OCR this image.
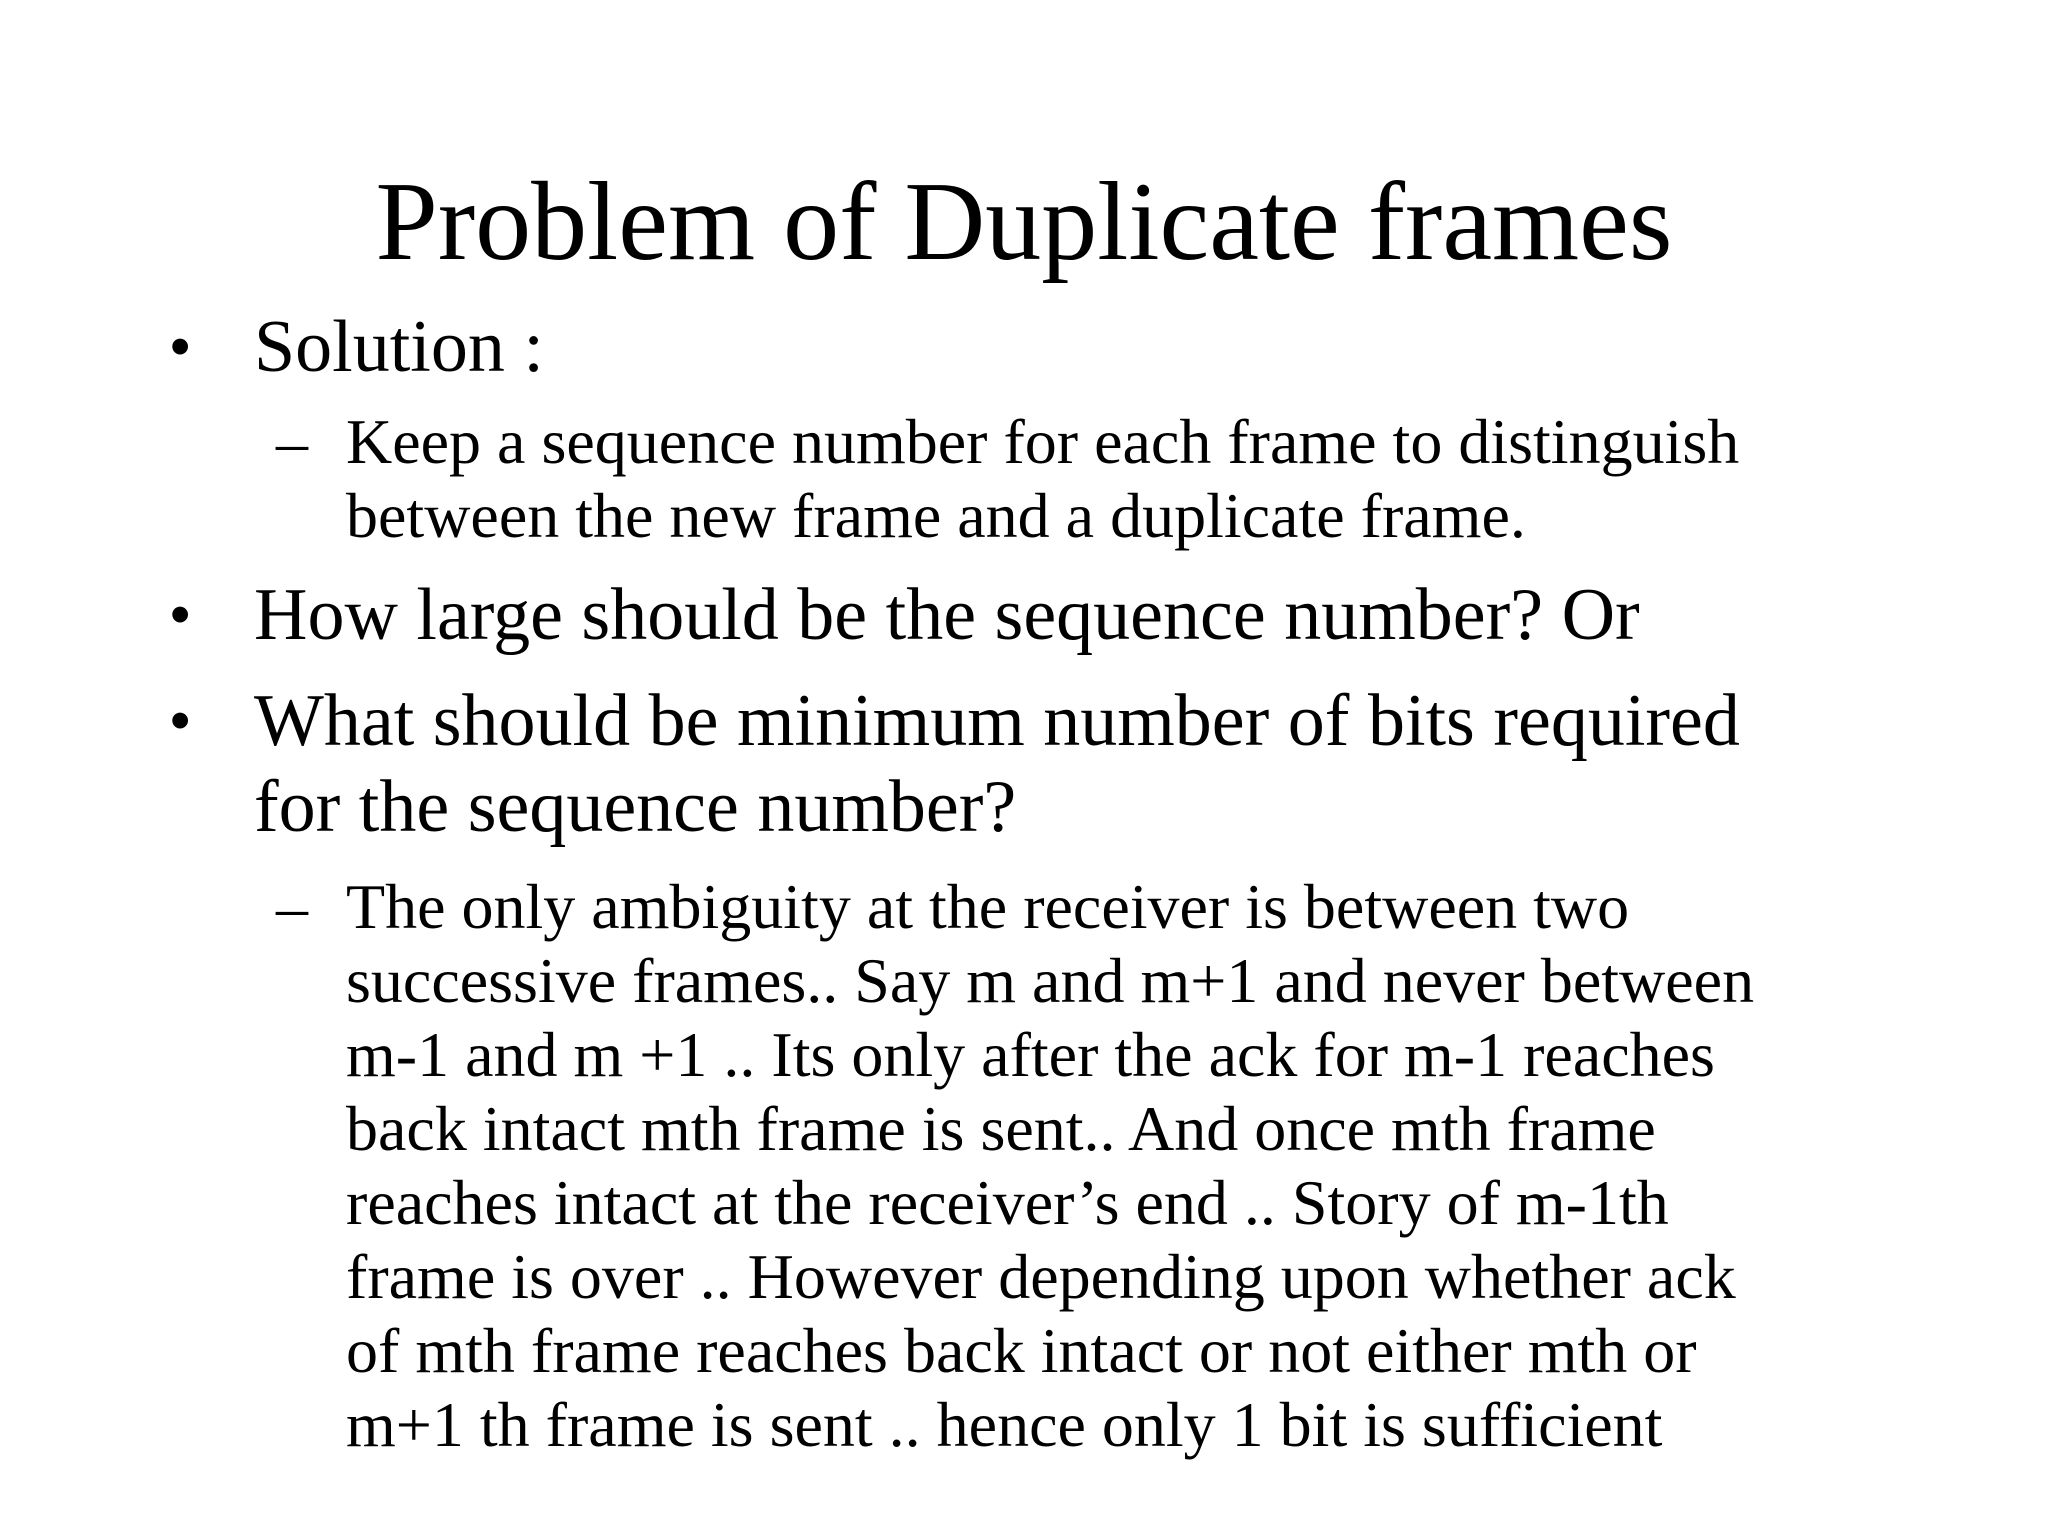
Problem of Duplicate frames
• Solution :
– Keep a sequence number for each frame to distinguish
between the new frame and a duplicate frame.
• How large should be the sequence number? Or
• What should be minimum number of bits required
for the sequence number?
– The only ambiguity at the receiver is between two
successive frames.. Say m and m+1 and never between
m-1 and m +1 .. Its only after the ack for m-1 reaches
back intact mth frame is sent.. And once mth frame
reaches intact at the receiver’s end .. Story of m-1th
frame is over .. However depending upon whether ack
of mth frame reaches back intact or not either mth or
m+1 th frame is sent .. hence only 1 bit is sufficient
